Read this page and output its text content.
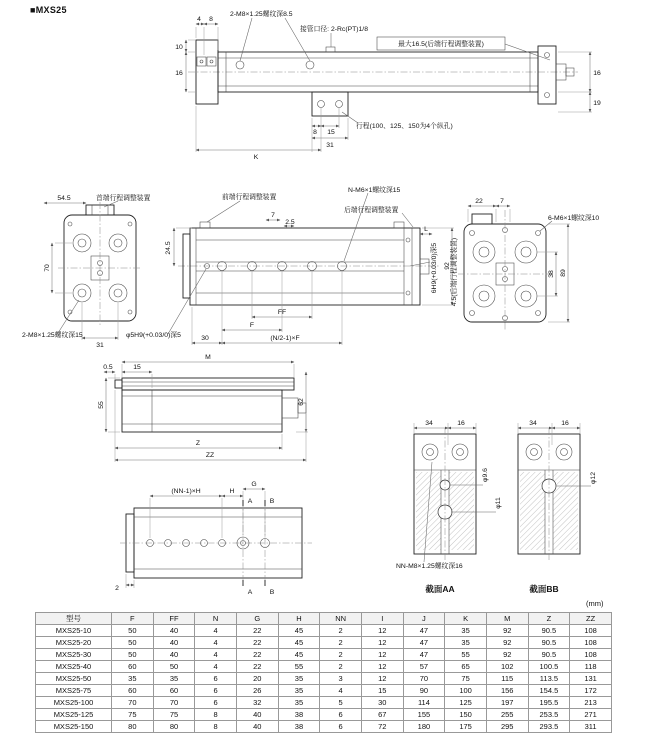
■MXS25	2-M8×1.25螺纹深8.5
接管口径: 2-Rc(PT)1/8
最大16.5(后端行程调整装置)
行程(100、125、150为4个纵孔)
4 8
10
16	16
19
8 15
31
K
54.5	首端行程调整装置
70
31
2-M8×1.25螺纹深15
前端行程调整装置
N-M6×1螺纹深15
后端行程调整装置
24.5
7
2.5
L
FF
F
30	(N/2-1)×F
φ5H9(+0.03/0)深5
6H9(+0.03/0)深5 92
22	7
6-M6×1螺纹深10
38 89
4.5(后端行程调整装置)
0.5	15
M
55	62
Z
ZZ
(NN-1)×H	H
G
A
A
B
B
2
34	16
φ9.6
φ11
NN-M8×1.25螺纹深16
截面AA
34	16
φ12
截面BB
(mm)
型号	F	FF	N	G	H	NN	I	J	K	M	Z	ZZ
MXS25-10	50	40	4	22	45	2	12	47	35	92	90.5	108
MXS25-20	50	40	4	22	45	2	12	47	35	92	90.5	108
MXS25-30	50	40	4	22	45	2	12	47	55	92	90.5	108
MXS25-40	60	50	4	22	55	2	12	57	65	102	100.5	118
MXS25-50	35	35	6	20	35	3	12	70	75	115	113.5	131
MXS25-75	60	60	6	26	35	4	15	90	100	156	154.5	172
MXS25-100	70	70	6	32	35	5	30	114	125	197	195.5	213
MXS25-125	75	75	8	40	38	6	67	155	150	255	253.5	271
MXS25-150	80	80	8	40	38	6	72	180	175	295	293.5	311
